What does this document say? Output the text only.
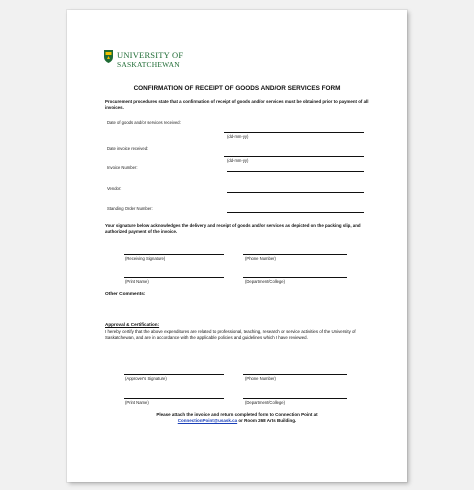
UNIVERSITY OF
SASKATCHEWAN
CONFIRMATION OF RECEIPT OF GOODS AND/OR SERVICES FORM
Procurement procedures state that a confirmation of receipt of goods and/or services must be obtained prior to payment of all invoices.
Date of goods and/or services received:
(dd-mm-yy)
Date invoice received:
(dd-mm-yy)
Invoice Number:
Vendor:
Standing Order Number:
Your signature below acknowledges the delivery and receipt of goods and/or services as depicted on the packing slip, and authorized payment of the invoice.
(Receiving Signature)	(Phone Number)
(Print Name)	(Department/College)
Other Comments:
Approval & Certification:
I hereby certify that the above expenditures are related to professional, teaching, research or service activities of the University of Saskatchewan, and are in accordance with the applicable policies and guidelines which I have reviewed.
(Approver's Signature)	(Phone Number)
(Print Name)	(Department/College)
Please attach the invoice and return completed form to Connection Point at
ConnectionPoint@usask.ca or Room 268 Arts Building.
